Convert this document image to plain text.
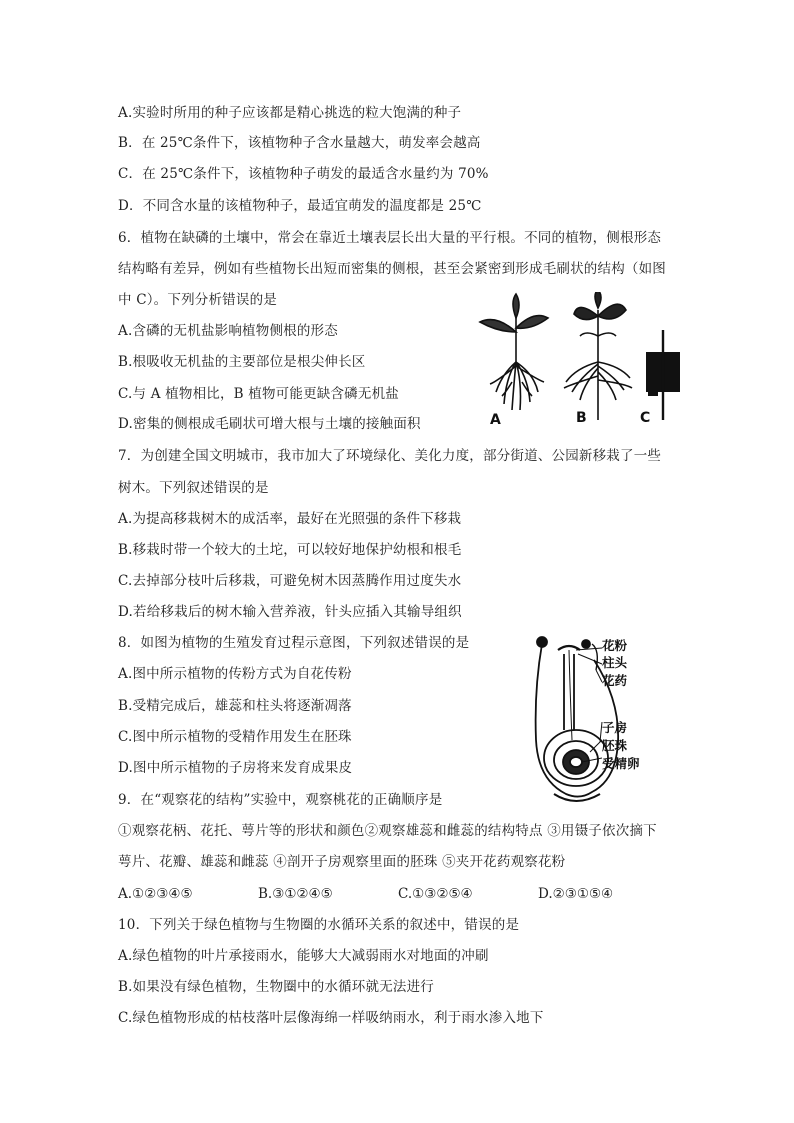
A.实验时所用的种子应该都是精心挑选的粒大饱满的种子
B．在 25℃条件下，该植物种子含水量越大，萌发率会越高
C．在 25℃条件下，该植物种子萌发的最适含水量约为 70%
D．不同含水量的该植物种子，最适宜萌发的温度都是 25℃
6．植物在缺磷的土壤中，常会在靠近土壤表层长出大量的平行根。不同的植物，侧根形态
结构略有差异，例如有些植物长出短而密集的侧根，甚至会紧密到形成毛刷状的结构（如图
中 C）。下列分析错误的是
A.含磷的无机盐影响植物侧根的形态
B.根吸收无机盐的主要部位是根尖伸长区
C.与 A 植物相比，B 植物可能更缺含磷无机盐
D.密集的侧根成毛刷状可增大根与土壤的接触面积	A	B	C
7．为创建全国文明城市，我市加大了环境绿化、美化力度，部分街道、公园新移栽了一些
树木。下列叙述错误的是
A.为提高移栽树木的成活率，最好在光照强的条件下移栽
B.移栽时带一个较大的土坨，可以较好地保护幼根和根毛
C.去掉部分枝叶后移栽，可避免树木因蒸腾作用过度失水
D.若给移栽后的树木输入营养液，针头应插入其输导组织
8．如图为植物的生殖发育过程示意图，下列叙述错误的是
A.图中所示植物的传粉方式为自花传粉
B.受精完成后，雄蕊和柱头将逐渐凋落
C.图中所示植物的受精作用发生在胚珠
D.图中所示植物的子房将来发育成果皮
花粉
柱头
花药
子房
胚珠
受精卵
9．在“观察花的结构”实验中，观察桃花的正确顺序是
①观察花柄、花托、萼片等的形状和颜色②观察雄蕊和雌蕊的结构特点 ③用镊子依次摘下
萼片、花瓣、雄蕊和雌蕊 ④剖开子房观察里面的胚珠 ⑤夹开花药观察花粉
A.①②③④⑤	B.③①②④⑤	C.①③②⑤④	D.②③①⑤④
10．下列关于绿色植物与生物圈的水循环关系的叙述中，错误的是
A.绿色植物的叶片承接雨水，能够大大减弱雨水对地面的冲刷
B.如果没有绿色植物，生物圈中的水循环就无法进行
C.绿色植物形成的枯枝落叶层像海绵一样吸纳雨水，利于雨水渗入地下
